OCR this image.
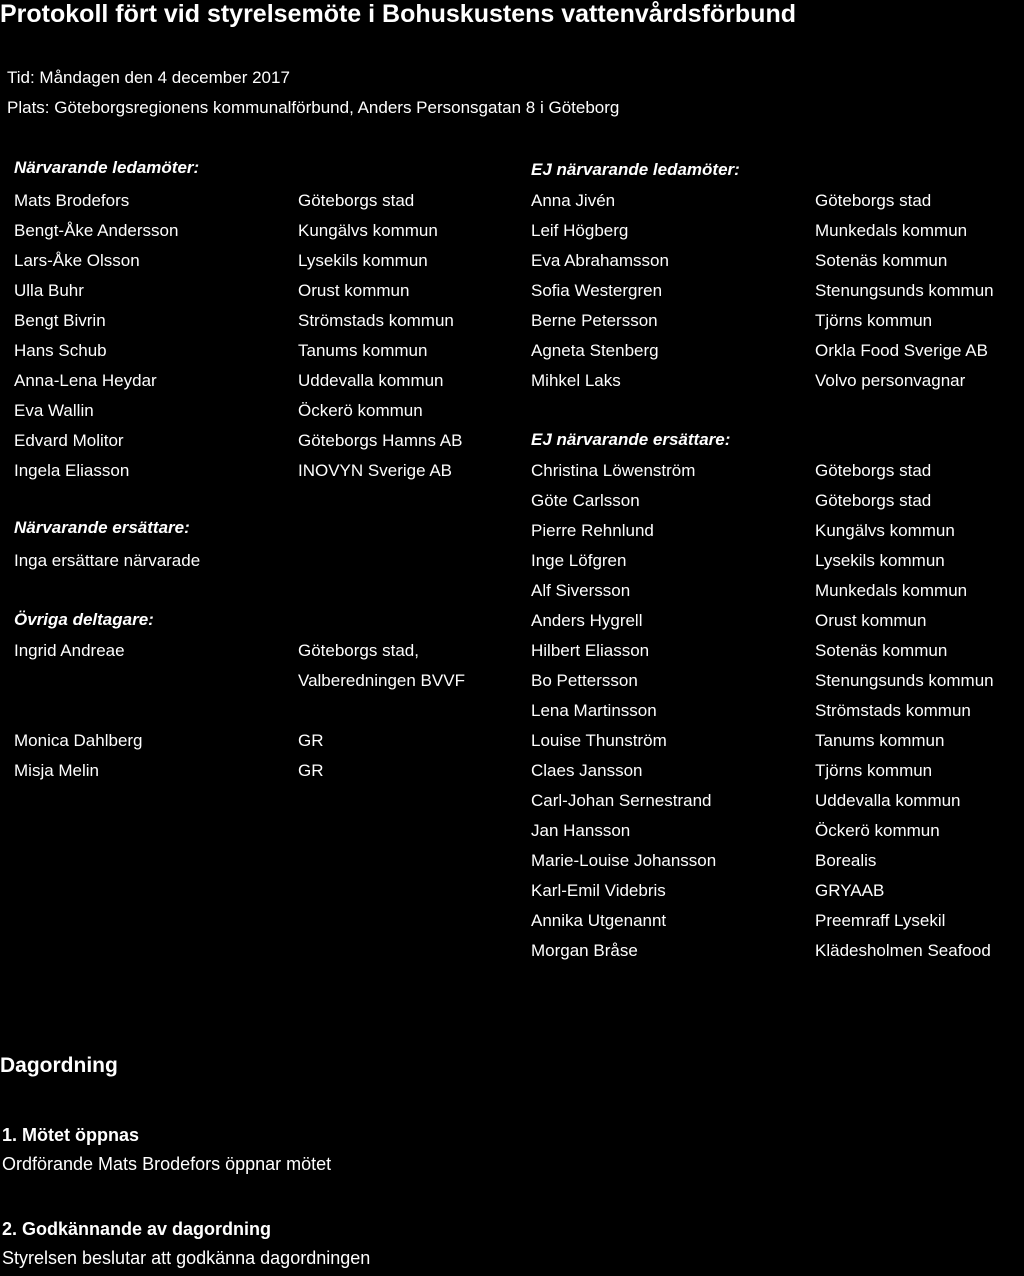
Protokoll fört vid styrelsemöte i Bohuskustens vattenvårdsförbund
Tid: Måndagen den 4 december 2017
Plats: Göteborgsregionens kommunalförbund, Anders Personsgatan 8 i Göteborg
Närvarande ledamöter:
Mats Brodefors	Göteborgs stad
Bengt-Åke Andersson	Kungälvs kommun
Lars-Åke Olsson	Lysekils kommun
Ulla Buhr	Orust kommun
Bengt Bivrin	Strömstads kommun
Hans Schub	Tanums kommun
Anna-Lena Heydar	Uddevalla kommun
Eva Wallin	Öckerö kommun
Edvard Molitor	Göteborgs Hamns AB
Ingela Eliasson	INOVYN Sverige AB
Närvarande ersättare:
Inga ersättare närvarade
Övriga deltagare:
Ingrid Andreae	Göteborgs stad,
Valberedningen BVVF
Monica Dahlberg	GR
Misja Melin	GR
EJ närvarande ledamöter:
Anna Jivén	Göteborgs stad
Leif Högberg	Munkedals kommun
Eva Abrahamsson	Sotenäs kommun
Sofia Westergren	Stenungsunds kommun
Berne Petersson	Tjörns kommun
Agneta Stenberg	Orkla Food Sverige AB
Mihkel Laks	Volvo personvagnar
EJ närvarande ersättare:
Christina Löwenström	Göteborgs stad
Göte Carlsson	Göteborgs stad
Pierre Rehnlund	Kungälvs kommun
Inge Löfgren	Lysekils kommun
Alf Siversson	Munkedals kommun
Anders Hygrell	Orust kommun
Hilbert Eliasson	Sotenäs kommun
Bo Pettersson	Stenungsunds kommun
Lena Martinsson	Strömstads kommun
Louise Thunström	Tanums kommun
Claes Jansson	Tjörns kommun
Carl-Johan Sernestrand	Uddevalla kommun
Jan Hansson	Öckerö kommun
Marie-Louise Johansson	Borealis
Karl-Emil Videbris	GRYAAB
Annika Utgenannt	Preemraff Lysekil
Morgan Bråse	Klädesholmen Seafood
Dagordning
1. Mötet öppnas
Ordförande Mats Brodefors öppnar mötet
2. Godkännande av dagordning
Styrelsen beslutar att godkänna dagordningen
